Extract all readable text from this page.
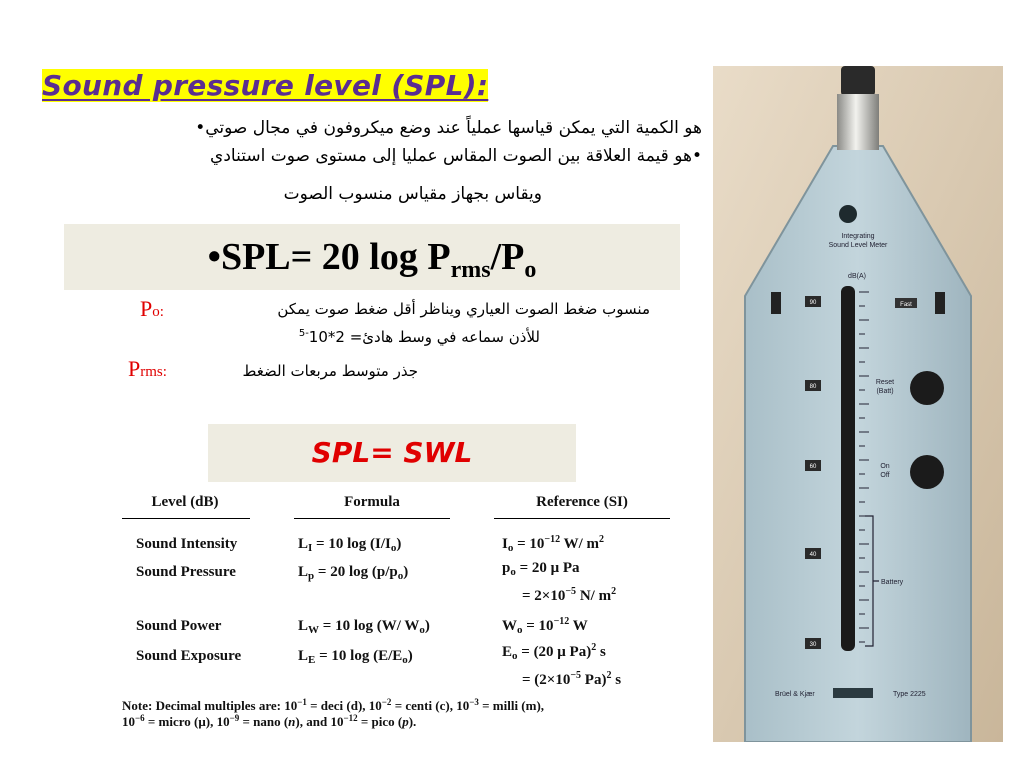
Sound pressure level (SPL):
هو الكمية التي يمكن قياسها عملياً عند وضع ميكروفون في مجال صوتي•
•هو قيمة العلاقة بين الصوت المقاس عمليا إلى مستوى صوت استنادي
ويقاس بجهاز مقياس منسوب الصوت
•SPL= 20 $\log P_{rms}/P_o$
Po:	منسوب ضغط الصوت العياري ويناظر أقل ضغط صوت يمكن
للأذن سماعه في وسط هادئ= $2*10^{-5}$
Prms:	جذر متوسط مربعات الضغط
SPL= SWL
Level (dB)	Formula	Reference (SI)
Sound Intensity	$L_I = 10$ $\log (I/I_o)$	$I_o = 10^{-12}$ W/ $m^2$
Sound Pressure	$L_p = 20$ $\log (p/p_o)$	$p_o = 20$ μ Pa
= $2\times 10^{-5}$ N/ $m^2$
Sound Power	$L_W = 10$ log (W/ $W_o$)	$W_o = 10^{-12}$ W
Sound Exposure	$L_E = 10$ $\log (E/E_o)$	$E_o = (20$ μ Pa)$^2$ s
= ($2\times 10^{-5}$ Pa)$^2$ s
Note: Decimal multiples are: $10^{-1}$ = deci (d), $10^{-2}$ = centi (c), $10^{-3}$ = milli (m),
$10^{-6}$ = micro (μ), $10^{-9}$ = nano (n), and $10^{-12}$ = pico (p).
Integrating
Sound Level Meter
dB(A)
Fast
90
80
60
40
30
Reset
(Batt)
On
Off
Battery
Brüel & Kjær	Type 2225
